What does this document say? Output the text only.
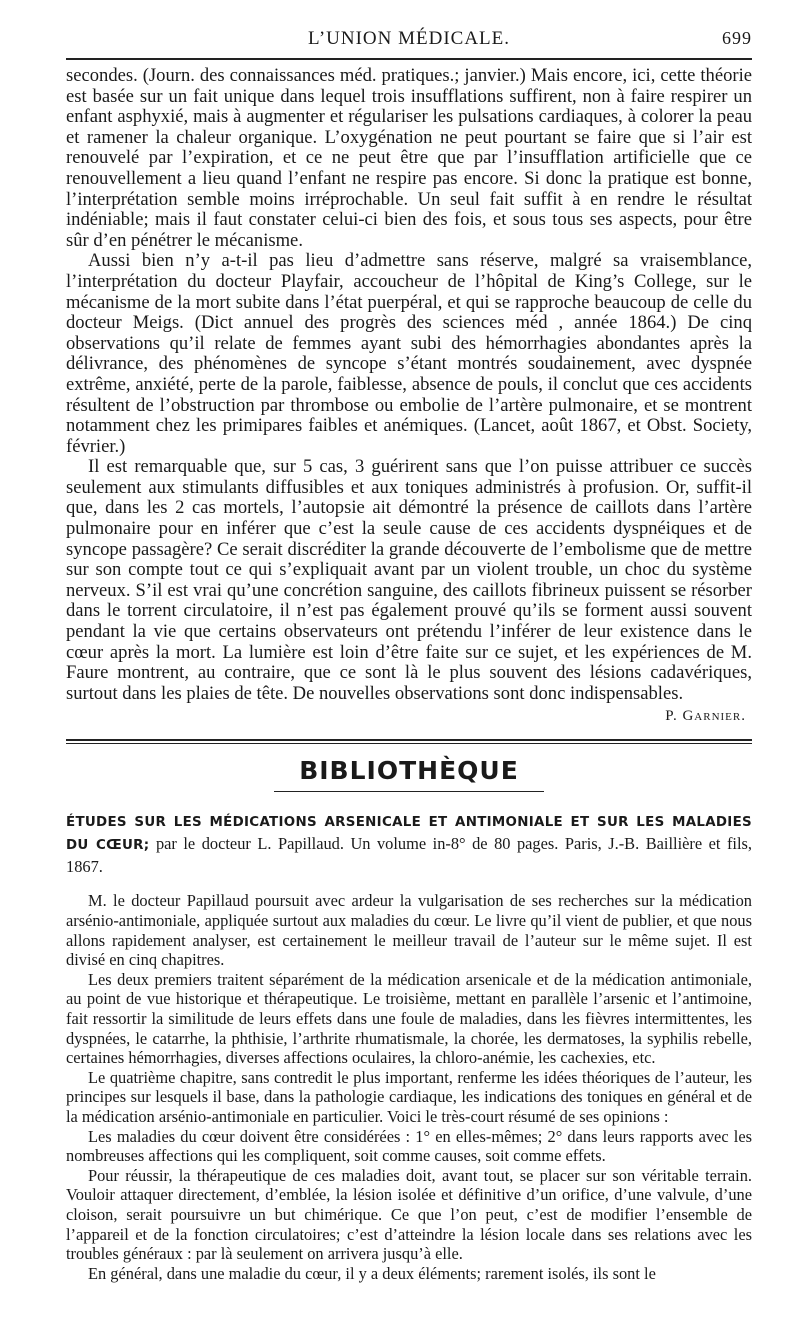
L’UNION MÉDICALE.	699

secondes. (Journ. des connaissances méd. pratiques.; janvier.) Mais encore, ici, cette théorie est basée sur un fait unique dans lequel trois insufflations suffirent, non à faire respirer un enfant asphyxié, mais à augmenter et régulariser les pulsations cardiaques, à colorer la peau et ramener la chaleur organique. L’oxygénation ne peut pourtant se faire que si l’air est renouvelé par l’expiration, et ce ne peut être que par l’insufflation artificielle que ce renouvellement a lieu quand l’enfant ne respire pas encore. Si donc la pratique est bonne, l’interprétation semble moins irréprochable. Un seul fait suffit à en rendre le résultat indéniable; mais il faut constater celui-ci bien des fois, et sous tous ses aspects, pour être sûr d’en pénétrer le mécanisme.

Aussi bien n’y a-t-il pas lieu d’admettre sans réserve, malgré sa vraisemblance, l’interprétation du docteur Playfair, accoucheur de l’hôpital de King’s College, sur le mécanisme de la mort subite dans l’état puerpéral, et qui se rapproche beaucoup de celle du docteur Meigs. (Dict annuel des progrès des sciences méd , année 1864.) De cinq observations qu’il relate de femmes ayant subi des hémorrhagies abondantes après la délivrance, des phénomènes de syncope s’étant montrés soudainement, avec dyspnée extrême, anxiété, perte de la parole, faiblesse, absence de pouls, il conclut que ces accidents résultent de l’obstruction par thrombose ou embolie de l’artère pulmonaire, et se montrent notamment chez les primipares faibles et anémiques. (Lancet, août 1867, et Obst. Society, février.)

Il est remarquable que, sur 5 cas, 3 guérirent sans que l’on puisse attribuer ce succès seulement aux stimulants diffusibles et aux toniques administrés à profusion. Or, suffit-il que, dans les 2 cas mortels, l’autopsie ait démontré la présence de caillots dans l’artère pulmonaire pour en inférer que c’est la seule cause de ces accidents dyspnéiques et de syncope passagère? Ce serait discréditer la grande découverte de l’embolisme que de mettre sur son compte tout ce qui s’expliquait avant par un violent trouble, un choc du système nerveux. S’il est vrai qu’une concrétion sanguine, des caillots fibrineux puissent se résorber dans le torrent circulatoire, il n’est pas également prouvé qu’ils se forment aussi souvent pendant la vie que certains observateurs ont prétendu l’inférer de leur existence dans le cœur après la mort. La lumière est loin d’être faite sur ce sujet, et les expériences de M. Faure montrent, au contraire, que ce sont là le plus souvent des lésions cadavériques, surtout dans les plaies de tête. De nouvelles observations sont donc indispensables.

P. Garnier.
BIBLIOTHÈQUE
ÉTUDES SUR LES MÉDICATIONS ARSENICALE ET ANTIMONIALE ET SUR LES MALADIES DU CŒUR; par le docteur L. Papillaud. Un volume in-8° de 80 pages. Paris, J.-B. Baillière et fils, 1867.

M. le docteur Papillaud poursuit avec ardeur la vulgarisation de ses recherches sur la médication arsénio-antimoniale, appliquée surtout aux maladies du cœur. Le livre qu’il vient de publier, et que nous allons rapidement analyser, est certainement le meilleur travail de l’auteur sur le même sujet. Il est divisé en cinq chapitres.

Les deux premiers traitent séparément de la médication arsenicale et de la médication antimoniale, au point de vue historique et thérapeutique. Le troisième, mettant en parallèle l’arsenic et l’antimoine, fait ressortir la similitude de leurs effets dans une foule de maladies, dans les fièvres intermittentes, les dyspnées, le catarrhe, la phthisie, l’arthrite rhumatismale, la chorée, les dermatoses, la syphilis rebelle, certaines hémorrhagies, diverses affections oculaires, la chloro-anémie, les cachexies, etc.

Le quatrième chapitre, sans contredit le plus important, renferme les idées théoriques de l’auteur, les principes sur lesquels il base, dans la pathologie cardiaque, les indications des toniques en général et de la médication arsénio-antimoniale en particulier. Voici le très-court résumé de ses opinions :

Les maladies du cœur doivent être considérées : 1° en elles-mêmes; 2° dans leurs rapports avec les nombreuses affections qui les compliquent, soit comme causes, soit comme effets.

Pour réussir, la thérapeutique de ces maladies doit, avant tout, se placer sur son véritable terrain. Vouloir attaquer directement, d’emblée, la lésion isolée et définitive d’un orifice, d’une valvule, d’une cloison, serait poursuivre un but chimérique. Ce que l’on peut, c’est de modifier l’ensemble de l’appareil et de la fonction circulatoires; c’est d’atteindre la lésion locale dans ses relations avec les troubles généraux : par là seulement on arrivera jusqu’à elle.

En général, dans une maladie du cœur, il y a deux éléments; rarement isolés, ils sont le
